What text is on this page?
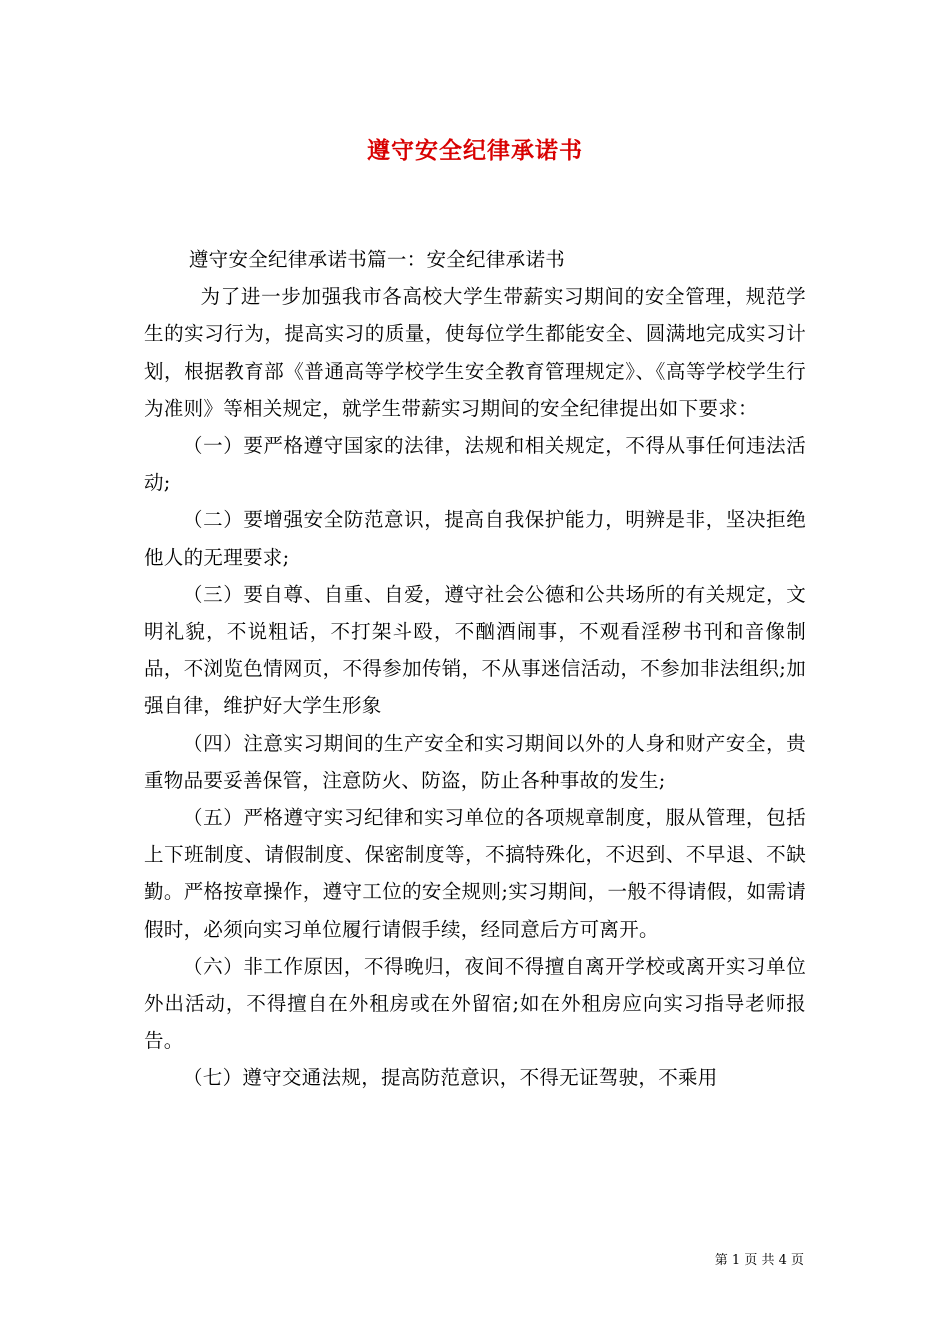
遵守安全纪律承诺书

遵守安全纪律承诺书篇一：安全纪律承诺书

为了进一步加强我市各高校大学生带薪实习期间的安全管理，规范学生的实习行为，提高实习的质量，使每位学生都能安全、圆满地完成实习计划，根据教育部《普通高等学校学生安全教育管理规定》、《高等学校学生行为准则》等相关规定，就学生带薪实习期间的安全纪律提出如下要求：

（一）要严格遵守国家的法律，法规和相关规定，不得从事任何违法活动;

（二）要增强安全防范意识，提高自我保护能力，明辨是非，坚决拒绝他人的无理要求;

（三）要自尊、自重、自爱，遵守社会公德和公共场所的有关规定，文明礼貌，不说粗话，不打架斗殴，不酗酒闹事，不观看淫秽书刊和音像制品，不浏览色情网页，不得参加传销，不从事迷信活动，不参加非法组织;加强自律，维护好大学生形象

（四）注意实习期间的生产安全和实习期间以外的人身和财产安全，贵重物品要妥善保管，注意防火、防盗，防止各种事故的发生;

（五）严格遵守实习纪律和实习单位的各项规章制度，服从管理，包括上下班制度、请假制度、保密制度等，不搞特殊化，不迟到、不早退、不缺勤。严格按章操作，遵守工位的安全规则;实习期间，一般不得请假，如需请假时，必须向实习单位履行请假手续，经同意后方可离开。

（六）非工作原因，不得晚归，夜间不得擅自离开学校或离开实习单位外出活动，不得擅自在外租房或在外留宿;如在外租房应向实习指导老师报告。

（七）遵守交通法规，提高防范意识，不得无证驾驶，不乘用

第 1 页 共 4 页
